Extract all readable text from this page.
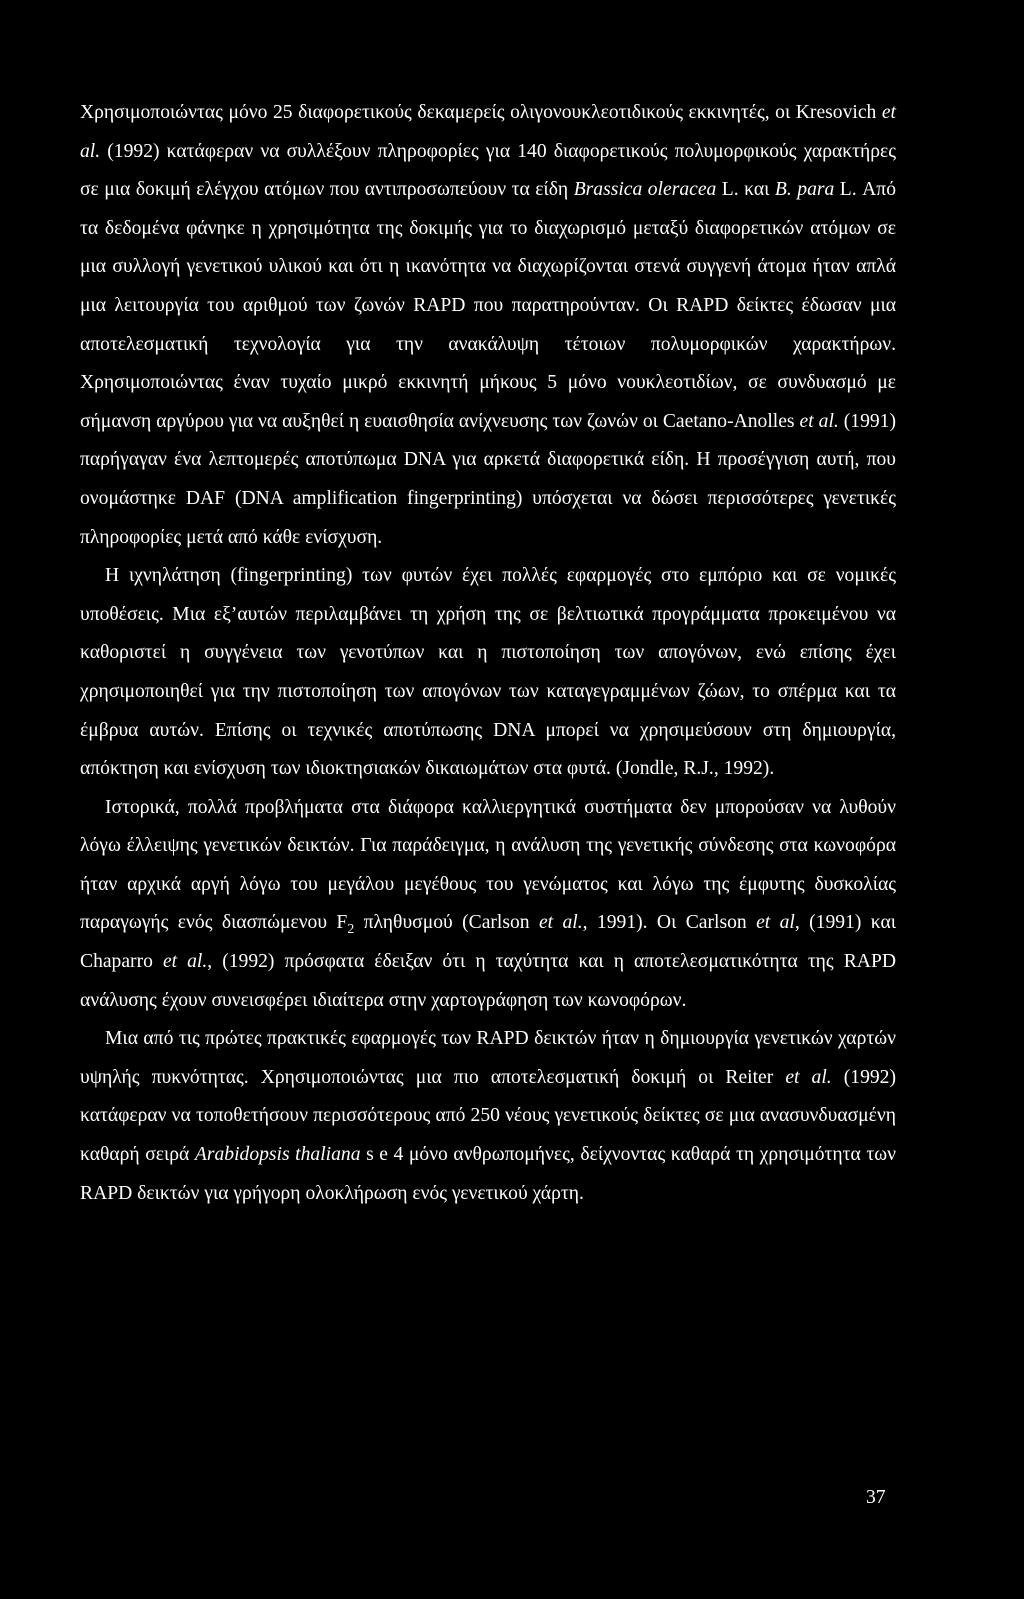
Χρησιμοποιώντας μόνο 25 διαφορετικούς δεκαμερείς ολιγονουκλεοτιδικούς εκκινητές, οι Kresovich et al. (1992) κατάφεραν να συλλέξουν πληροφορίες για 140 διαφορετικούς πολυμορφικούς χαρακτήρες σε μια δοκιμή ελέγχου ατόμων που αντιπροσωπεύουν τα είδη Brassica oleracea L. και B. para L. Από τα δεδομένα φάνηκε η χρησιμότητα της δοκιμής για το διαχωρισμό μεταξύ διαφορετικών ατόμων σε μια συλλογή γενετικού υλικού και ότι η ικανότητα να διαχωρίζονται στενά συγγενή άτομα ήταν απλά μια λειτουργία του αριθμού των ζωνών RAPD που παρατηρούνταν. Οι RAPD δείκτες έδωσαν μια αποτελεσματική τεχνολογία για την ανακάλυψη τέτοιων πολυμορφικών χαρακτήρων. Χρησιμοποιώντας έναν τυχαίο μικρό εκκινητή μήκους 5 μόνο νουκλεοτιδίων, σε συνδυασμό με σήμανση αργύρου για να αυξηθεί η ευαισθησία ανίχνευσης των ζωνών οι Caetano-Anolles et al. (1991) παρήγαγαν ένα λεπτομερές αποτύπωμα DNA για αρκετά διαφορετικά είδη. Η προσέγγιση αυτή, που ονομάστηκε DAF (DNA amplification fingerprinting) υπόσχεται να δώσει περισσότερες γενετικές πληροφορίες μετά από κάθε ενίσχυση.

Η ιχνηλάτηση (fingerprinting) των φυτών έχει πολλές εφαρμογές στο εμπόριο και σε νομικές υποθέσεις. Μια εξ’αυτών περιλαμβάνει τη χρήση της σε βελτιωτικά προγράμματα προκειμένου να καθοριστεί η συγγένεια των γενοτύπων και η πιστοποίηση των απογόνων, ενώ επίσης έχει χρησιμοποιηθεί για την πιστοποίηση των απογόνων των καταγεγραμμένων ζώων, το σπέρμα και τα έμβρυα αυτών. Επίσης οι τεχνικές αποτύπωσης DNA μπορεί να χρησιμεύσουν στη δημιουργία, απόκτηση και ενίσχυση των ιδιοκτησιακών δικαιωμάτων στα φυτά. (Jondle, R.J., 1992).

Ιστορικά, πολλά προβλήματα στα διάφορα καλλιεργητικά συστήματα δεν μπορούσαν να λυθούν λόγω έλλειψης γενετικών δεικτών. Για παράδειγμα, η ανάλυση της γενετικής σύνδεσης στα κωνοφόρα ήταν αρχικά αργή λόγω του μεγάλου μεγέθους του γενώματος και λόγω της έμφυτης δυσκολίας παραγωγής ενός διασπώμενου $F_2$ πληθυσμού (Carlson et al., 1991). Οι Carlson et al, (1991) και Chaparro et al., (1992) πρόσφατα έδειξαν ότι η ταχύτητα και η αποτελεσματικότητα της RAPD ανάλυσης έχουν συνεισφέρει ιδιαίτερα στην χαρτογράφηση των κωνοφόρων.

Μια από τις πρώτες πρακτικές εφαρμογές των RAPD δεικτών ήταν η δημιουργία γενετικών χαρτών υψηλής πυκνότητας. Χρησιμοποιώντας μια πιο αποτελεσματική δοκιμή οι Reiter et al. (1992) κατάφεραν να τοποθετήσουν περισσότερους από 250 νέους γενετικούς δείκτες σε μια ανασυνδυασμένη καθαρή σειρά Arabidopsis thaliana s e 4 μόνο ανθρωπομήνες, δείχνοντας καθαρά τη χρησιμότητα των RAPD δεικτών για γρήγορη ολοκλήρωση ενός γενετικού χάρτη.

37
